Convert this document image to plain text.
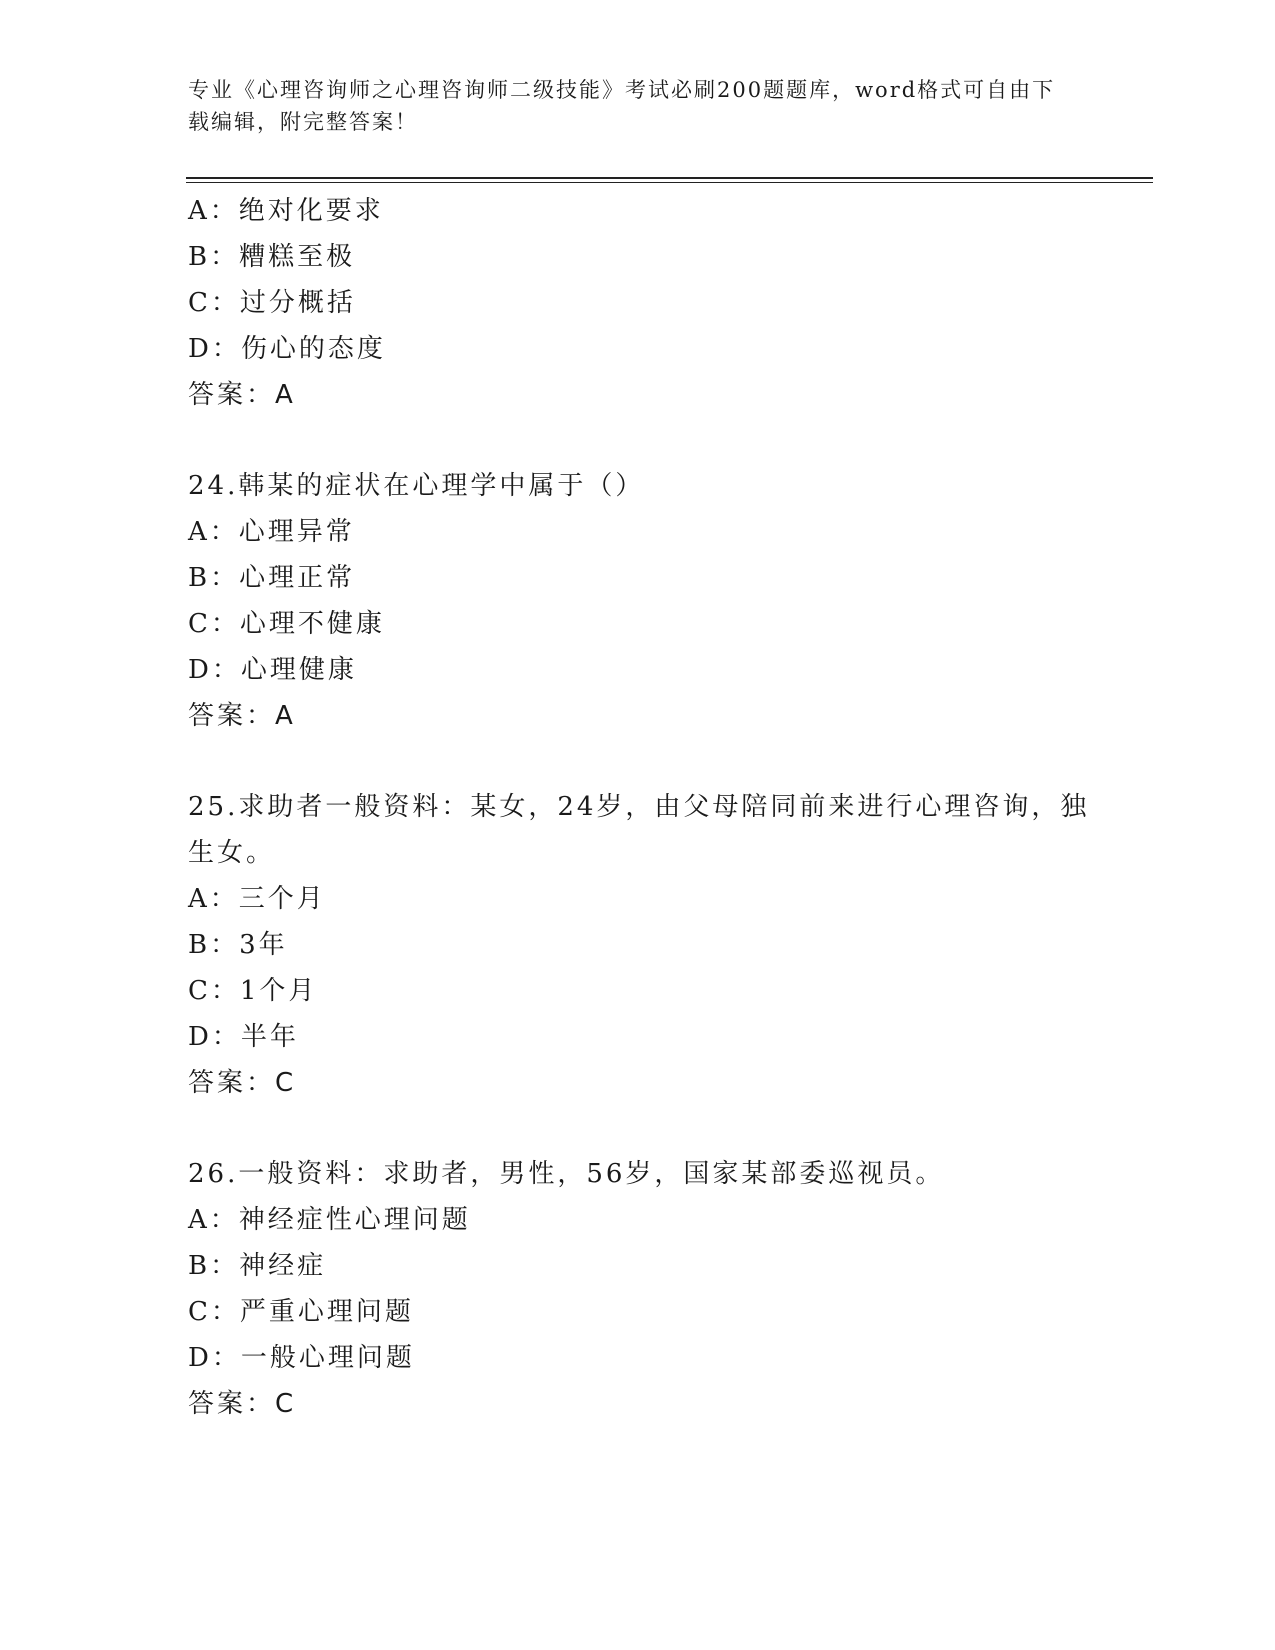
专业《心理咨询师之心理咨询师二级技能》考试必刷200题题库，word格式可自由下载编辑，附完整答案！
A：绝对化要求
B：糟糕至极
C：过分概括
D：伤心的态度
答案：A
24.韩某的症状在心理学中属于（）
A：心理异常
B：心理正常
C：心理不健康
D：心理健康
答案：A
25.求助者一般资料：某女，24岁，由父母陪同前来进行心理咨询，独
生女。
A：三个月
B：3年
C：1个月
D：半年
答案：C
26.一般资料：求助者，男性，56岁，国家某部委巡视员。
A：神经症性心理问题
B：神经症
C：严重心理问题
D：一般心理问题
答案：C
